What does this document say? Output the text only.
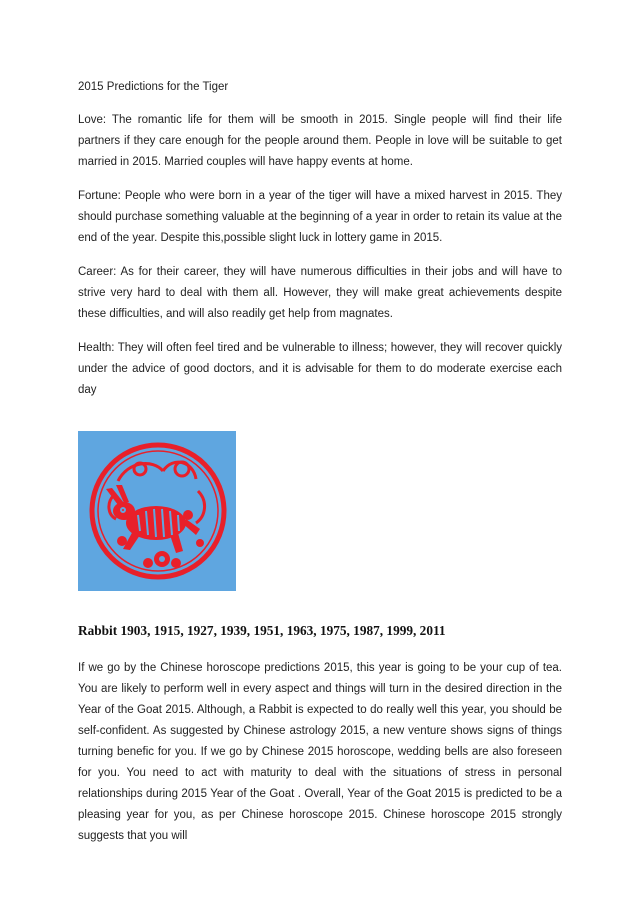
2015 Predictions for the Tiger

Love: The romantic life for them will be smooth in 2015. Single people will find their life partners if they care enough for the people around them. People in love will be suitable to get married in 2015. Married couples will have happy events at home.

Fortune: People who were born in a year of the tiger will have a mixed harvest in 2015. They should purchase something valuable at the beginning of a year in order to retain its value at the end of the year. Despite this,possible slight luck in lottery game in 2015.

Career: As for their career, they will have numerous difficulties in their jobs and will have to strive very hard to deal with them all. However, they will make great achievements despite these difficulties, and will also readily get help from magnates.

Health: They will often feel tired and be vulnerable to illness; however, they will recover quickly under the advice of good doctors, and it is advisable for them to do moderate exercise each day

Rabbit 1903, 1915, 1927, 1939, 1951, 1963, 1975, 1987, 1999, 2011

If we go by the Chinese horoscope predictions 2015, this year is going to be your cup of tea. You are likely to perform well in every aspect and things will turn in the desired direction in the Year of the Goat 2015. Although, a Rabbit is expected to do really well this year, you should be self-confident. As suggested by Chinese astrology 2015, a new venture shows signs of things turning benefic for you. If we go by Chinese 2015 horoscope, wedding bells are also foreseen for you. You need to act with maturity to deal with the situations of stress in personal relationships during 2015 Year of the Goat . Overall, Year of the Goat 2015 is predicted to be a pleasing year for you, as per Chinese horoscope 2015. Chinese horoscope 2015 strongly suggests that you will
